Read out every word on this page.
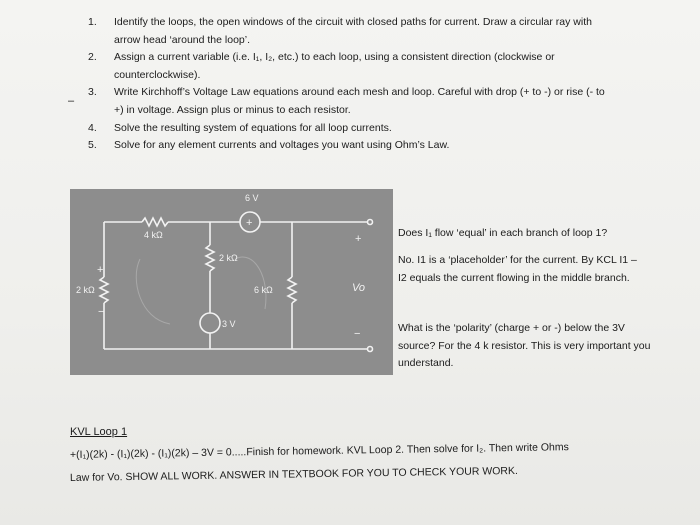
–
1. Identify the loops, the open windows of the circuit with closed paths for current. Draw a circular ray with
arrow head ‘around the loop’.
2. Assign a current variable (i.e. I₁, I₂, etc.) to each loop, using a consistent direction (clockwise or
counterclockwise).
3. Write Kirchhoff’s Voltage Law equations around each mesh and loop. Careful with drop (+ to -) or rise (- to
+) in voltage. Assign plus or minus to each resistor.
4. Solve the resulting system of equations for all loop currents.
5. Solve for any element currents and voltages you want using Ohm’s Law.
6 V
+
4 kΩ
2 kΩ
2 kΩ	6 kΩ
3 V
+
−
+
Vo
−
Does I₁ flow ‘equal’ in each branch of loop 1?
No. I1 is a ‘placeholder’ for the current. By KCL I1 –I2 equals the current flowing in the middle branch.
What is the ‘polarity’ (charge + or -) below the 3V source? For the 4 k resistor. This is very important you understand.
KVL Loop 1
+(I₁)(2k) - (I₁)(2k) - (I₁)(2k) – 3V = 0.....Finish for homework. KVL Loop 2. Then solve for I₂. Then write Ohms
Law for Vo. SHOW ALL WORK. ANSWER IN TEXTBOOK FOR YOU TO CHECK YOUR WORK.
